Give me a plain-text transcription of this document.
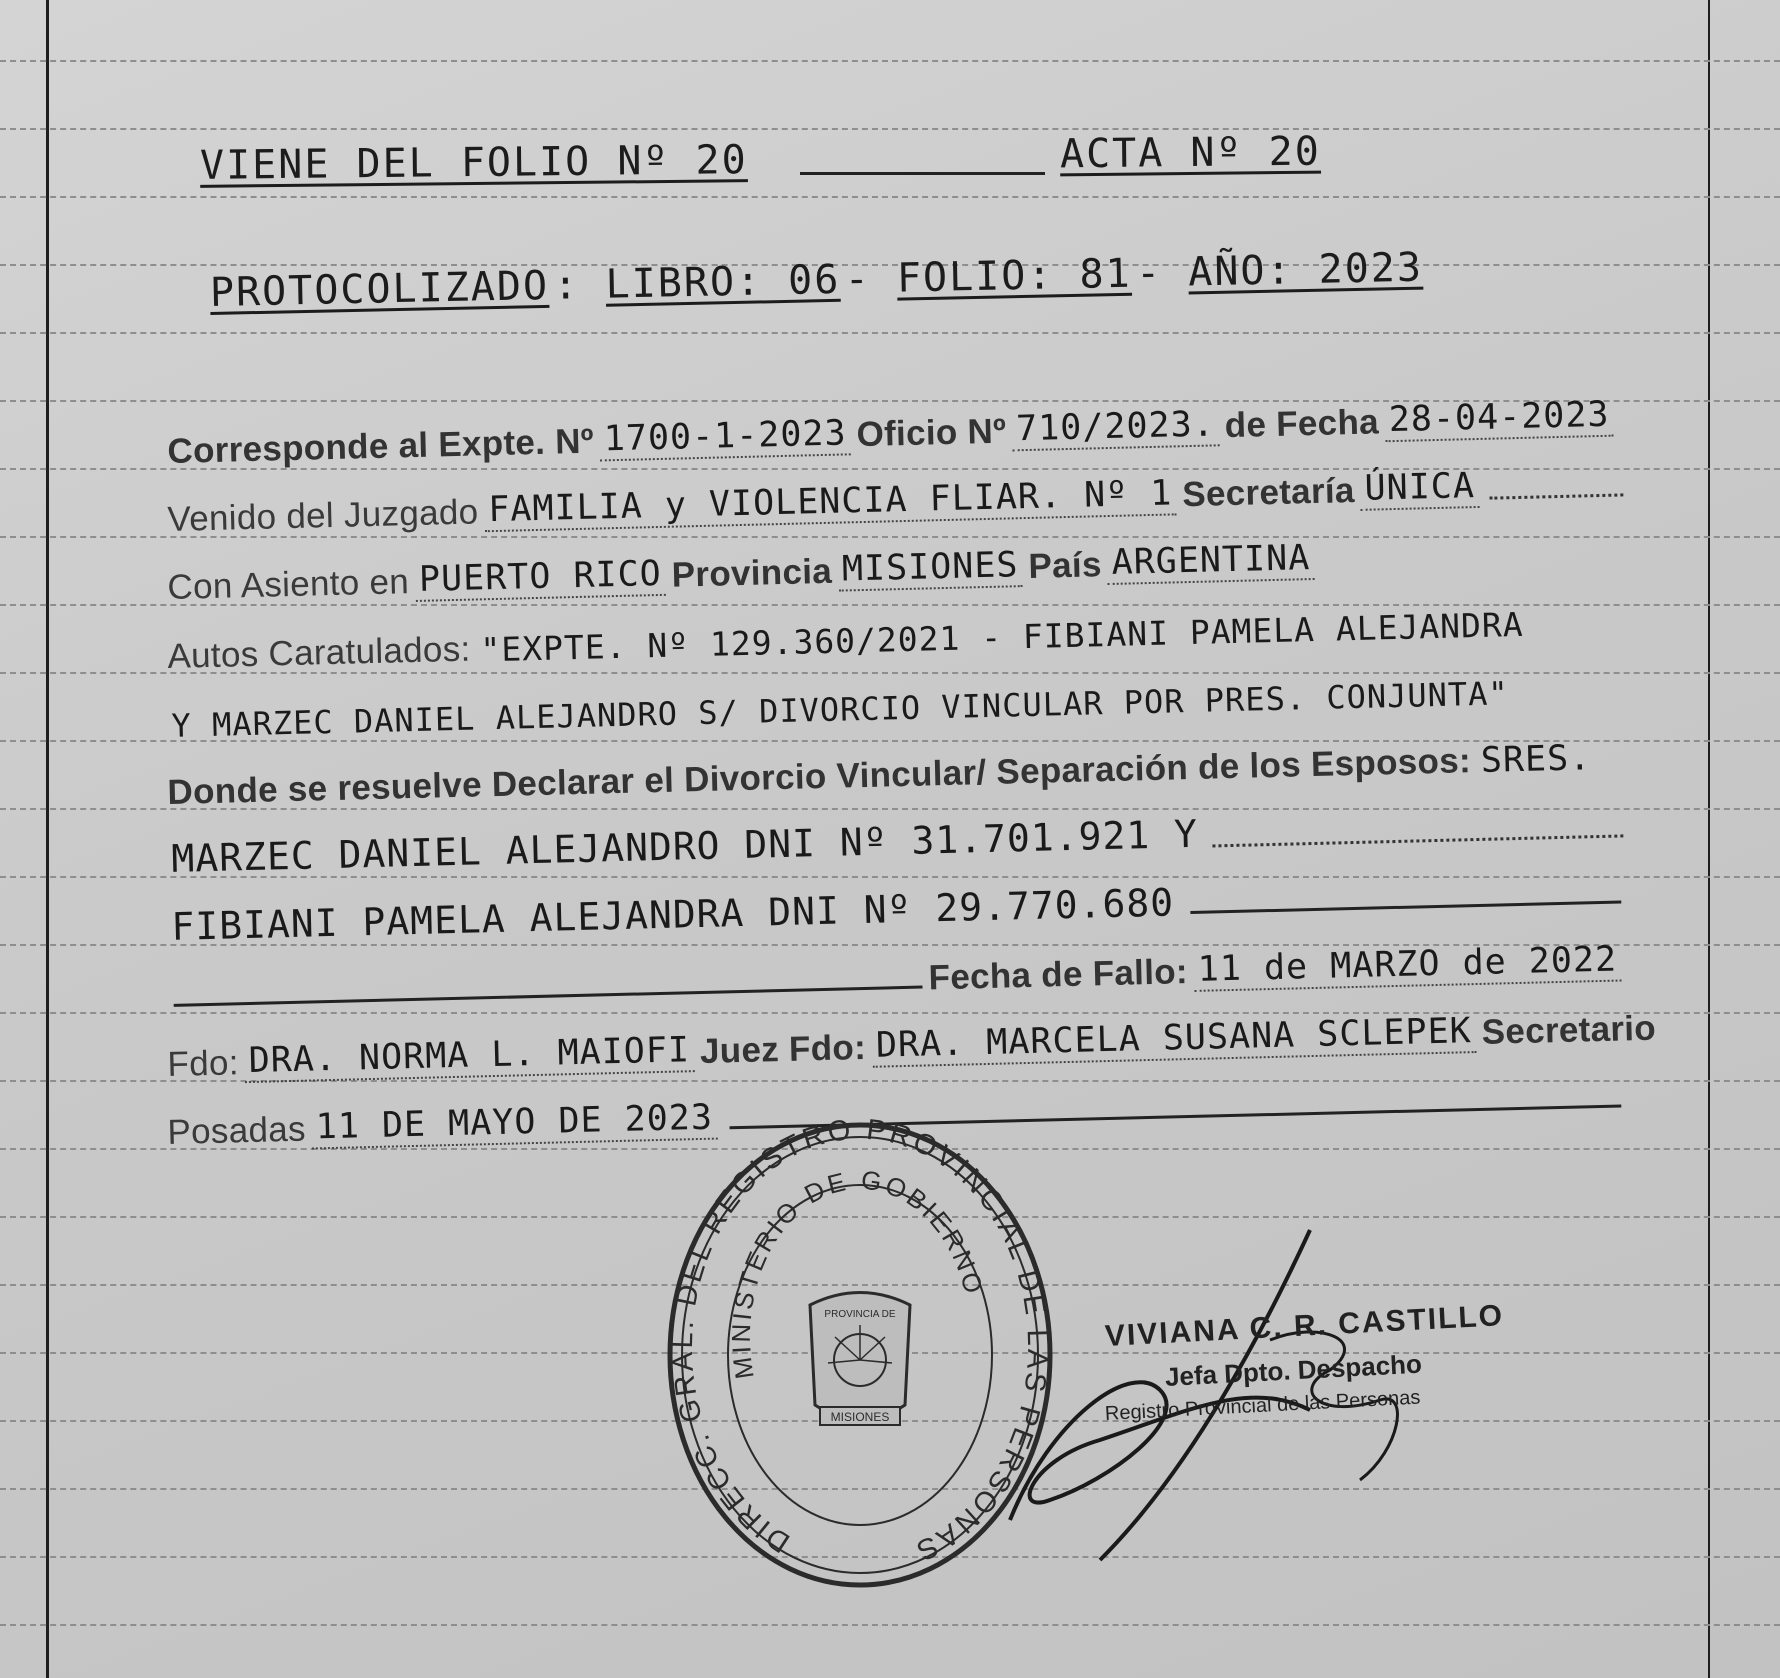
VIENE DEL FOLIO Nº 20	ACTA Nº 20
PROTOCOLIZADO : LIBRO: 06 - FOLIO: 81 - AÑO: 2023
Corresponde al Expte. Nº 1700-1-2023 Oficio Nº 710/2023. de Fecha 28-04-2023
Venido del Juzgado FAMILIA y VIOLENCIA FLIAR. Nº 1 Secretaría ÚNICA
Con Asiento en PUERTO RICO Provincia MISIONES País ARGENTINA
Autos Caratulados: "EXPTE. Nº 129.360/2021 - FIBIANI PAMELA ALEJANDRA
Y MARZEC DANIEL ALEJANDRO S/ DIVORCIO VINCULAR POR PRES. CONJUNTA"
Donde se resuelve Declarar el Divorcio Vincular/ Separación de los Esposos: SRES.
MARZEC DANIEL ALEJANDRO DNI Nº 31.701.921 Y
FIBIANI PAMELA ALEJANDRA DNI Nº 29.770.680
Fecha de Fallo: 11 de MARZO de 2022
Fdo: DRA. NORMA L. MAIOFI Juez Fdo: DRA. MARCELA SUSANA SCLEPEK Secretario
Posadas 11 DE MAYO DE 2023
DIRECC. GRAL. DEL REGISTRO PROVINCIAL DE LAS PERSONAS
MINISTERIO DE GOBIERNO
PROVINCIA DE
MISIONES
VIVIANA C. R. CASTILLO
Jefa Dpto. Despacho
Registro Provincial de las Personas
